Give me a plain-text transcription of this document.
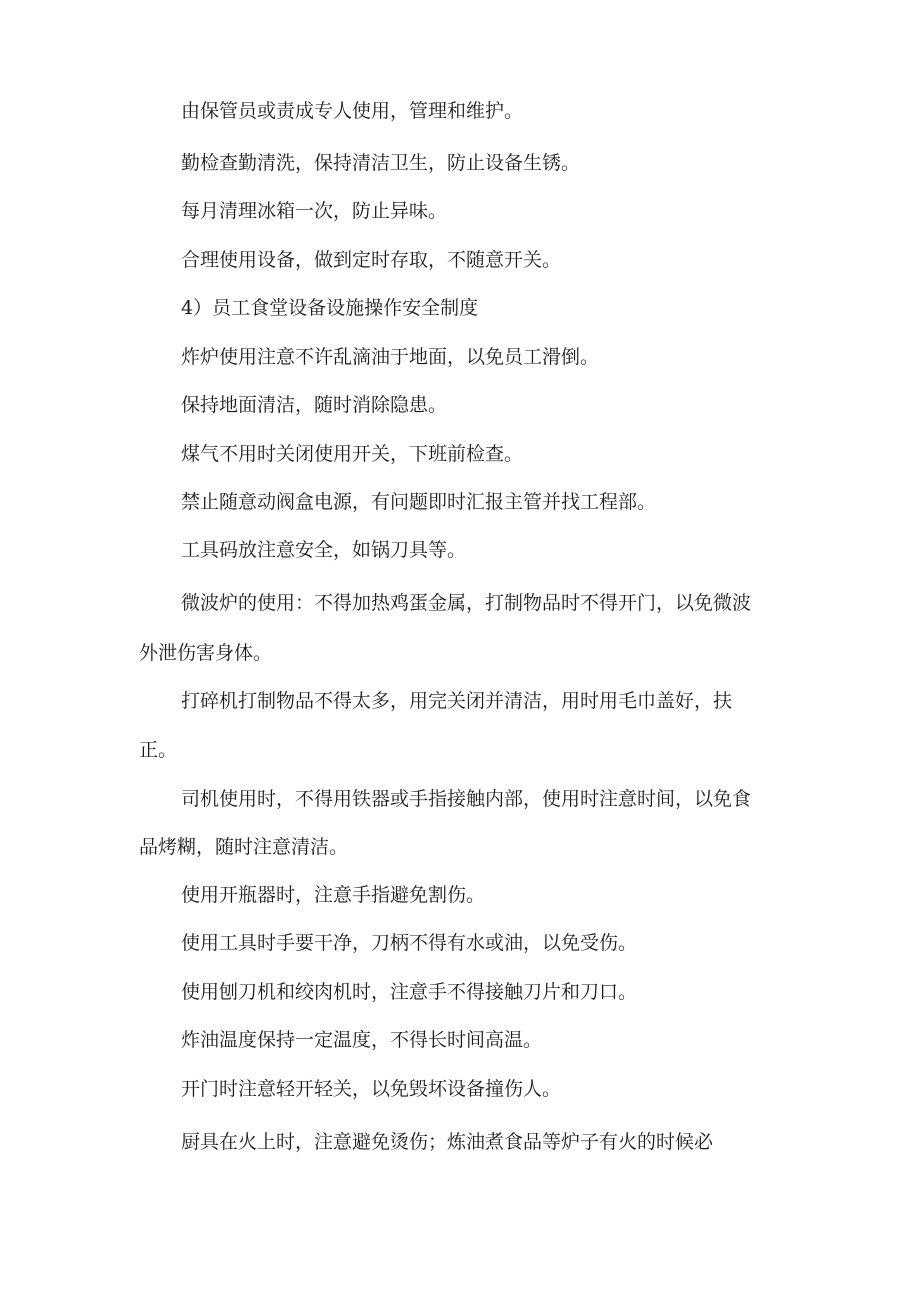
由保管员或责成专人使用，管理和维护。

勤检查勤清洗，保持清洁卫生，防止设备生锈。

每月清理冰箱一次，防止异味。

合理使用设备，做到定时存取，不随意开关。

4）员工食堂设备设施操作安全制度

炸炉使用注意不许乱滴油于地面，以免员工滑倒。

保持地面清洁，随时消除隐患。

煤气不用时关闭使用开关，下班前检查。

禁止随意动阀盒电源，有问题即时汇报主管并找工程部。

工具码放注意安全，如锅刀具等。

微波炉的使用：不得加热鸡蛋金属，打制物品时不得开门，以免微波

外泄伤害身体。

打碎机打制物品不得太多，用完关闭并清洁，用时用毛巾盖好，扶

正。

司机使用时，不得用铁器或手指接触内部，使用时注意时间，以免食

品烤糊，随时注意清洁。

使用开瓶器时，注意手指避免割伤。

使用工具时手要干净，刀柄不得有水或油，以免受伤。

使用刨刀机和绞肉机时，注意手不得接触刀片和刀口。

炸油温度保持一定温度，不得长时间高温。

开门时注意轻开轻关，以免毁坏设备撞伤人。

厨具在火上时，注意避免烫伤；炼油煮食品等炉子有火的时候必
